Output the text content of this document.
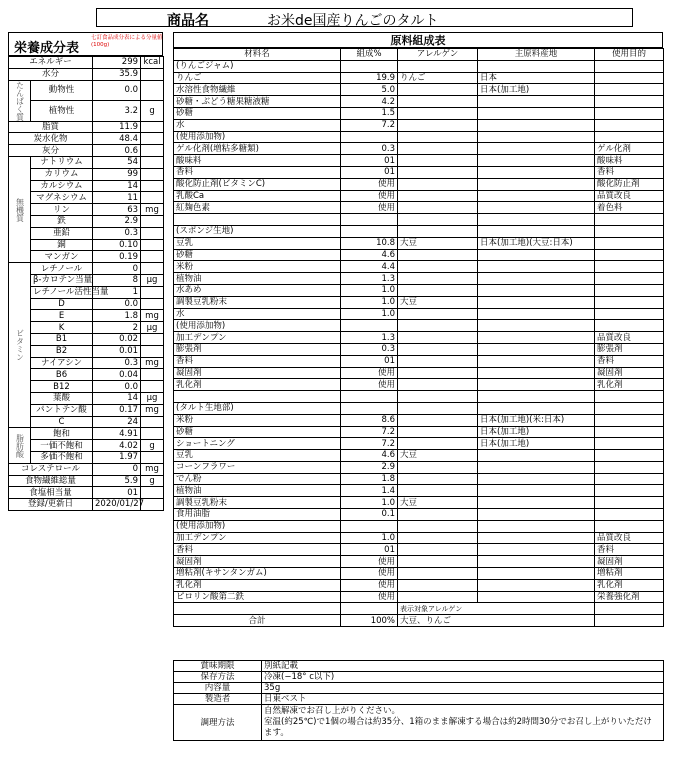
商品名	お米de国産りんごのタルト
栄養成分表
七訂食品成分表による分量値(100g)
エネルギー		299	kcal
水分		35.9	
たんぱく質	動物性	0.0	
	植物性	3.2	g
脂質		11.9	
炭水化物		48.4	
灰分		0.6	
無機質	ナトリウム	54	
	カリウム	99	
	カルシウム	14	
	マグネシウム	11	
	リン	63	mg
	鉄	2.9	
	亜鉛	0.3	
	銅	0.10	
	マンガン	0.19	
ビタミン	レチノール	0	
	β-カロテン当量	8	μg
	レチノール活性当量	1	
	D	0.0	
	E	1.8	mg
	K	2	μg
	B1	0.02	
	B2	0.01	
	ナイアシン	0.3	mg
	B6	0.04	
	B12	0.0	
	葉酸	14	μg
	パントテン酸	0.17	mg
	C	24	
脂肪酸	飽和	4.91	
	一価不飽和	4.02	g
	多価不飽和	1.97	
コレステロール		0	mg
食物繊維総量		5.9	g
食塩相当量		01	
登録/更新日		2020/01/27	
原料組成表
材料名	組成%	アレルゲン	主原料産地	使用目的
(りんごジャム)				
りんご	19.9	りんご	日本	
水溶性食物繊維	5.0		日本(加工地)	
砂糖・ぶどう糖果糖液糖	4.2			
砂糖	1.5			
水	7.2			
(使用添加物)				
ゲル化剤(増粘多糖類)	0.3			ゲル化剤
酸味料	01			酸味料
香料	01			香料
酸化防止剤(ビタミンC)	使用			酸化防止剤
乳酸Ca	使用			品質改良
紅麹色素	使用			着色料

(スポンジ生地)				
豆乳	10.8	大豆	日本(加工地)(大豆:日本)	
砂糖	4.6			
米粉	4.4			
植物油	1.3			
水あめ	1.0			
調製豆乳粉末	1.0	大豆		
水	1.0			
(使用添加物)				
加工デンプン	1.3			品質改良
膨張剤	0.3			膨張剤
香料	01			香料
凝固剤	使用			凝固剤
乳化剤	使用			乳化剤

(タルト生地部)				
米粉	8.6		日本(加工地)(米:日本)	
砂糖	7.2		日本(加工地)	
ショートニング	7.2		日本(加工地)	
豆乳	4.6	大豆		
コーンフラワー	2.9			
でん粉	1.8			
植物油	1.4			
調製豆乳粉末	1.0	大豆		
食用油脂	0.1			
(使用添加物)				
加工デンプン	1.0			品質改良
香料	01			香料
凝固剤	使用			凝固剤
増粘剤(キサンタンガム)	使用			増粘剤
乳化剤	使用			乳化剤
ピロリン酸第二鉄	使用			栄養強化剤
		表示対象アレルゲン		
合計	100%	大豆、りんご		
賞味期限	別紙記載
保存方法	冷凍(−18° c以下)
内容量	35g
製造者	日東ベスト
調理方法	自然解凍でお召し上がりください。
室温(約25℃)で1個の場合は約35分、1箱のまま解凍する場合は約2時間30分でお召し上がりいただけ
ます。
